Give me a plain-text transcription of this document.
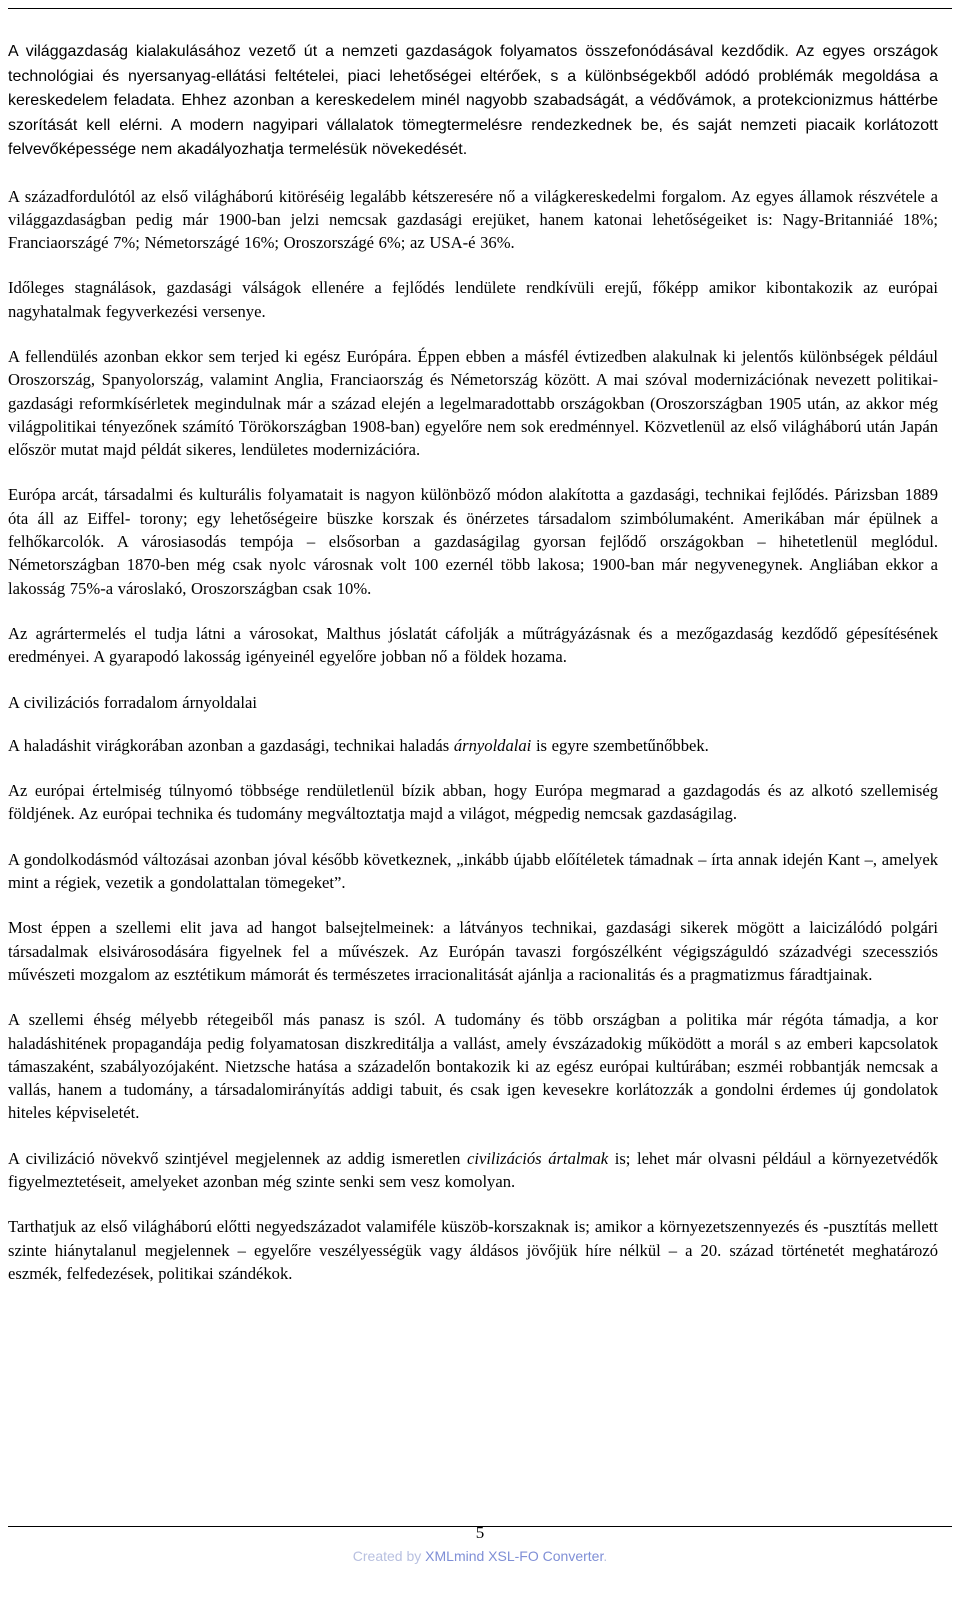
A világgazdaság kialakulásához vezető út a nemzeti gazdaságok folyamatos összefonódásával kezdődik. Az egyes országok technológiai és nyersanyag-ellátási feltételei, piaci lehetőségei eltérőek, s a különbségekből adódó problémák megoldása a kereskedelem feladata. Ehhez azonban a kereskedelem minél nagyobb szabadságát, a védővámok, a protekcionizmus háttérbe szorítását kell elérni. A modern nagyipari vállalatok tömegtermelésre rendezkednek be, és saját nemzeti piacaik korlátozott felvevőképessége nem akadályozhatja termelésük növekedését.

A századfordulótól az első világháború kitöréséig legalább kétszeresére nő a világkereskedelmi forgalom. Az egyes államok részvétele a világgazdaságban pedig már 1900-ban jelzi nemcsak gazdasági erejüket, hanem katonai lehetőségeiket is: Nagy-Britanniáé 18%; Franciaországé 7%; Németországé 16%; Oroszországé 6%; az USA-é 36%.

Időleges stagnálások, gazdasági válságok ellenére a fejlődés lendülete rendkívüli erejű, főképp amikor kibontakozik az európai nagyhatalmak fegyverkezési versenye.

A fellendülés azonban ekkor sem terjed ki egész Európára. Éppen ebben a másfél évtizedben alakulnak ki jelentős különbségek például Oroszország, Spanyolország, valamint Anglia, Franciaország és Németország között. A mai szóval modernizációnak nevezett politikai-gazdasági reformkísérletek megindulnak már a század elején a legelmaradottabb országokban (Oroszországban 1905 után, az akkor még világpolitikai tényezőnek számító Törökországban 1908-ban) egyelőre nem sok eredménnyel. Közvetlenül az első világháború után Japán először mutat majd példát sikeres, lendületes modernizációra.

Európa arcát, társadalmi és kulturális folyamatait is nagyon különböző módon alakította a gazdasági, technikai fejlődés. Párizsban 1889 óta áll az Eiffel- torony; egy lehetőségeire büszke korszak és önérzetes társadalom szimbólumaként. Amerikában már épülnek a felhőkarcolók. A városiasodás tempója – elsősorban a gazdaságilag gyorsan fejlődő országokban – hihetetlenül meglódul. Németországban 1870-ben még csak nyolc városnak volt 100 ezernél több lakosa; 1900-ban már negyvenegynek. Angliában ekkor a lakosság 75%-a városlakó, Oroszországban csak 10%.

Az agrártermelés el tudja látni a városokat, Malthus jóslatát cáfolják a műtrágyázásnak és a mezőgazdaság kezdődő gépesítésének eredményei. A gyarapodó lakosság igényeinél egyelőre jobban nő a földek hozama.

A civilizációs forradalom árnyoldalai

A haladáshit virágkorában azonban a gazdasági, technikai haladás árnyoldalai is egyre szembetűnőbbek.

Az európai értelmiség túlnyomó többsége rendületlenül bízik abban, hogy Európa megmarad a gazdagodás és az alkotó szellemiség földjének. Az európai technika és tudomány megváltoztatja majd a világot, mégpedig nemcsak gazdaságilag.

A gondolkodásmód változásai azonban jóval később következnek, „inkább újabb előítéletek támadnak – írta annak idején Kant –, amelyek mint a régiek, vezetik a gondolattalan tömegeket”.

Most éppen a szellemi elit java ad hangot balsejtelmeinek: a látványos technikai, gazdasági sikerek mögött a laicizálódó polgári társadalmak elsivárosodására figyelnek fel a művészek. Az Európán tavaszi forgószélként végigszáguldó századvégi szecessziós művészeti mozgalom az esztétikum mámorát és természetes irracionalitását ajánlja a racionalitás és a pragmatizmus fáradtjainak.

A szellemi éhség mélyebb rétegeiből más panasz is szól. A tudomány és több országban a politika már régóta támadja, a kor haladáshitének propagandája pedig folyamatosan diszkreditálja a vallást, amely évszázadokig működött a morál s az emberi kapcsolatok támaszaként, szabályozójaként. Nietzsche hatása a századelőn bontakozik ki az egész európai kultúrában; eszméi robbantják nemcsak a vallás, hanem a tudomány, a társadalomirányítás addigi tabuit, és csak igen kevesekre korlátozzák a gondolni érdemes új gondolatok hiteles képviseletét.

A civilizáció növekvő szintjével megjelennek az addig ismeretlen civilizációs ártalmak is; lehet már olvasni például a környezetvédők figyelmeztetéseit, amelyeket azonban még szinte senki sem vesz komolyan.

Tarthatjuk az első világháború előtti negyedszázadot valamiféle küszöb-korszaknak is; amikor a környezetszennyezés és -pusztítás mellett szinte hiánytalanul megjelennek – egyelőre veszélyességük vagy áldásos jövőjük híre nélkül – a 20. század történetét meghatározó eszmék, felfedezések, politikai szándékok.

5
Created by XMLmind XSL-FO Converter.
